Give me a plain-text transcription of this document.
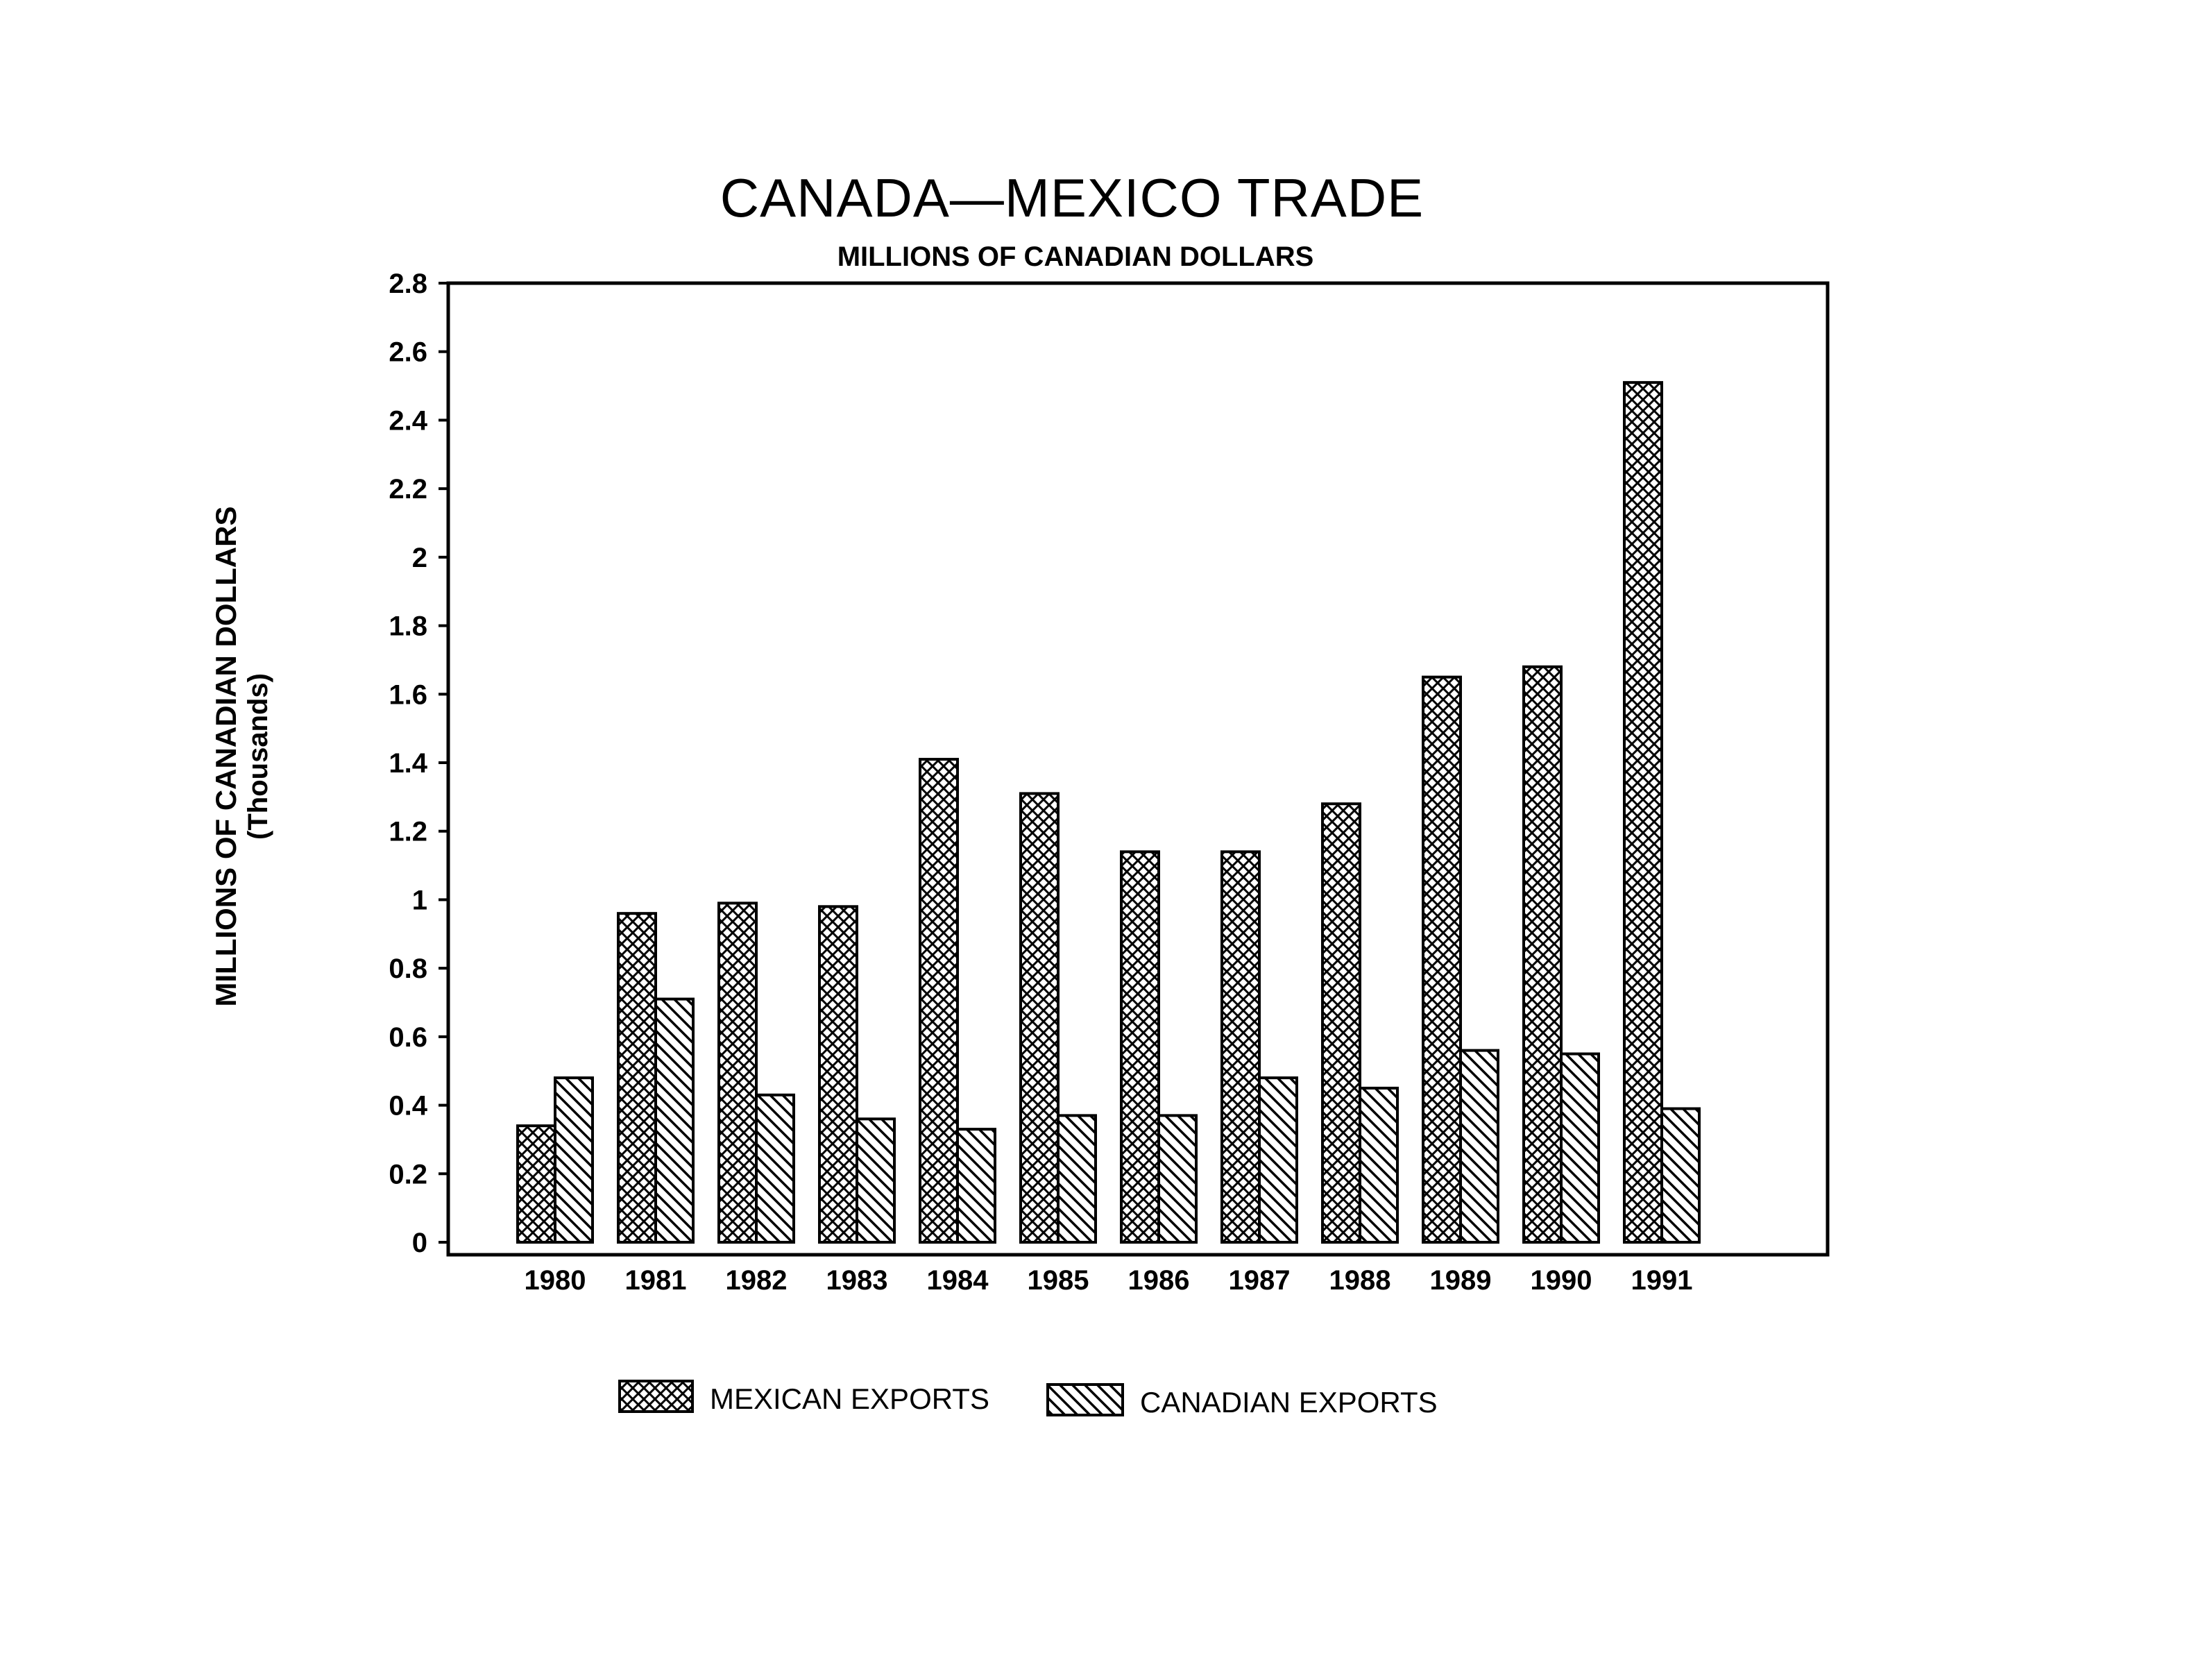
CANADA—MEXICO TRADE
MILLIONS OF CANADIAN DOLLARS
MILLIONS OF CANADIAN DOLLARS (Thousands)
0
0.2
0.4
0.6
0.8
1
1.2
1.4
1.6
1.8
2
2.2
2.4
2.6
2.8
1980 1981 1982 1983 1984 1985 1986 1987 1988 1989 1990 1991
MEXICAN EXPORTS	CANADIAN EXPORTS
